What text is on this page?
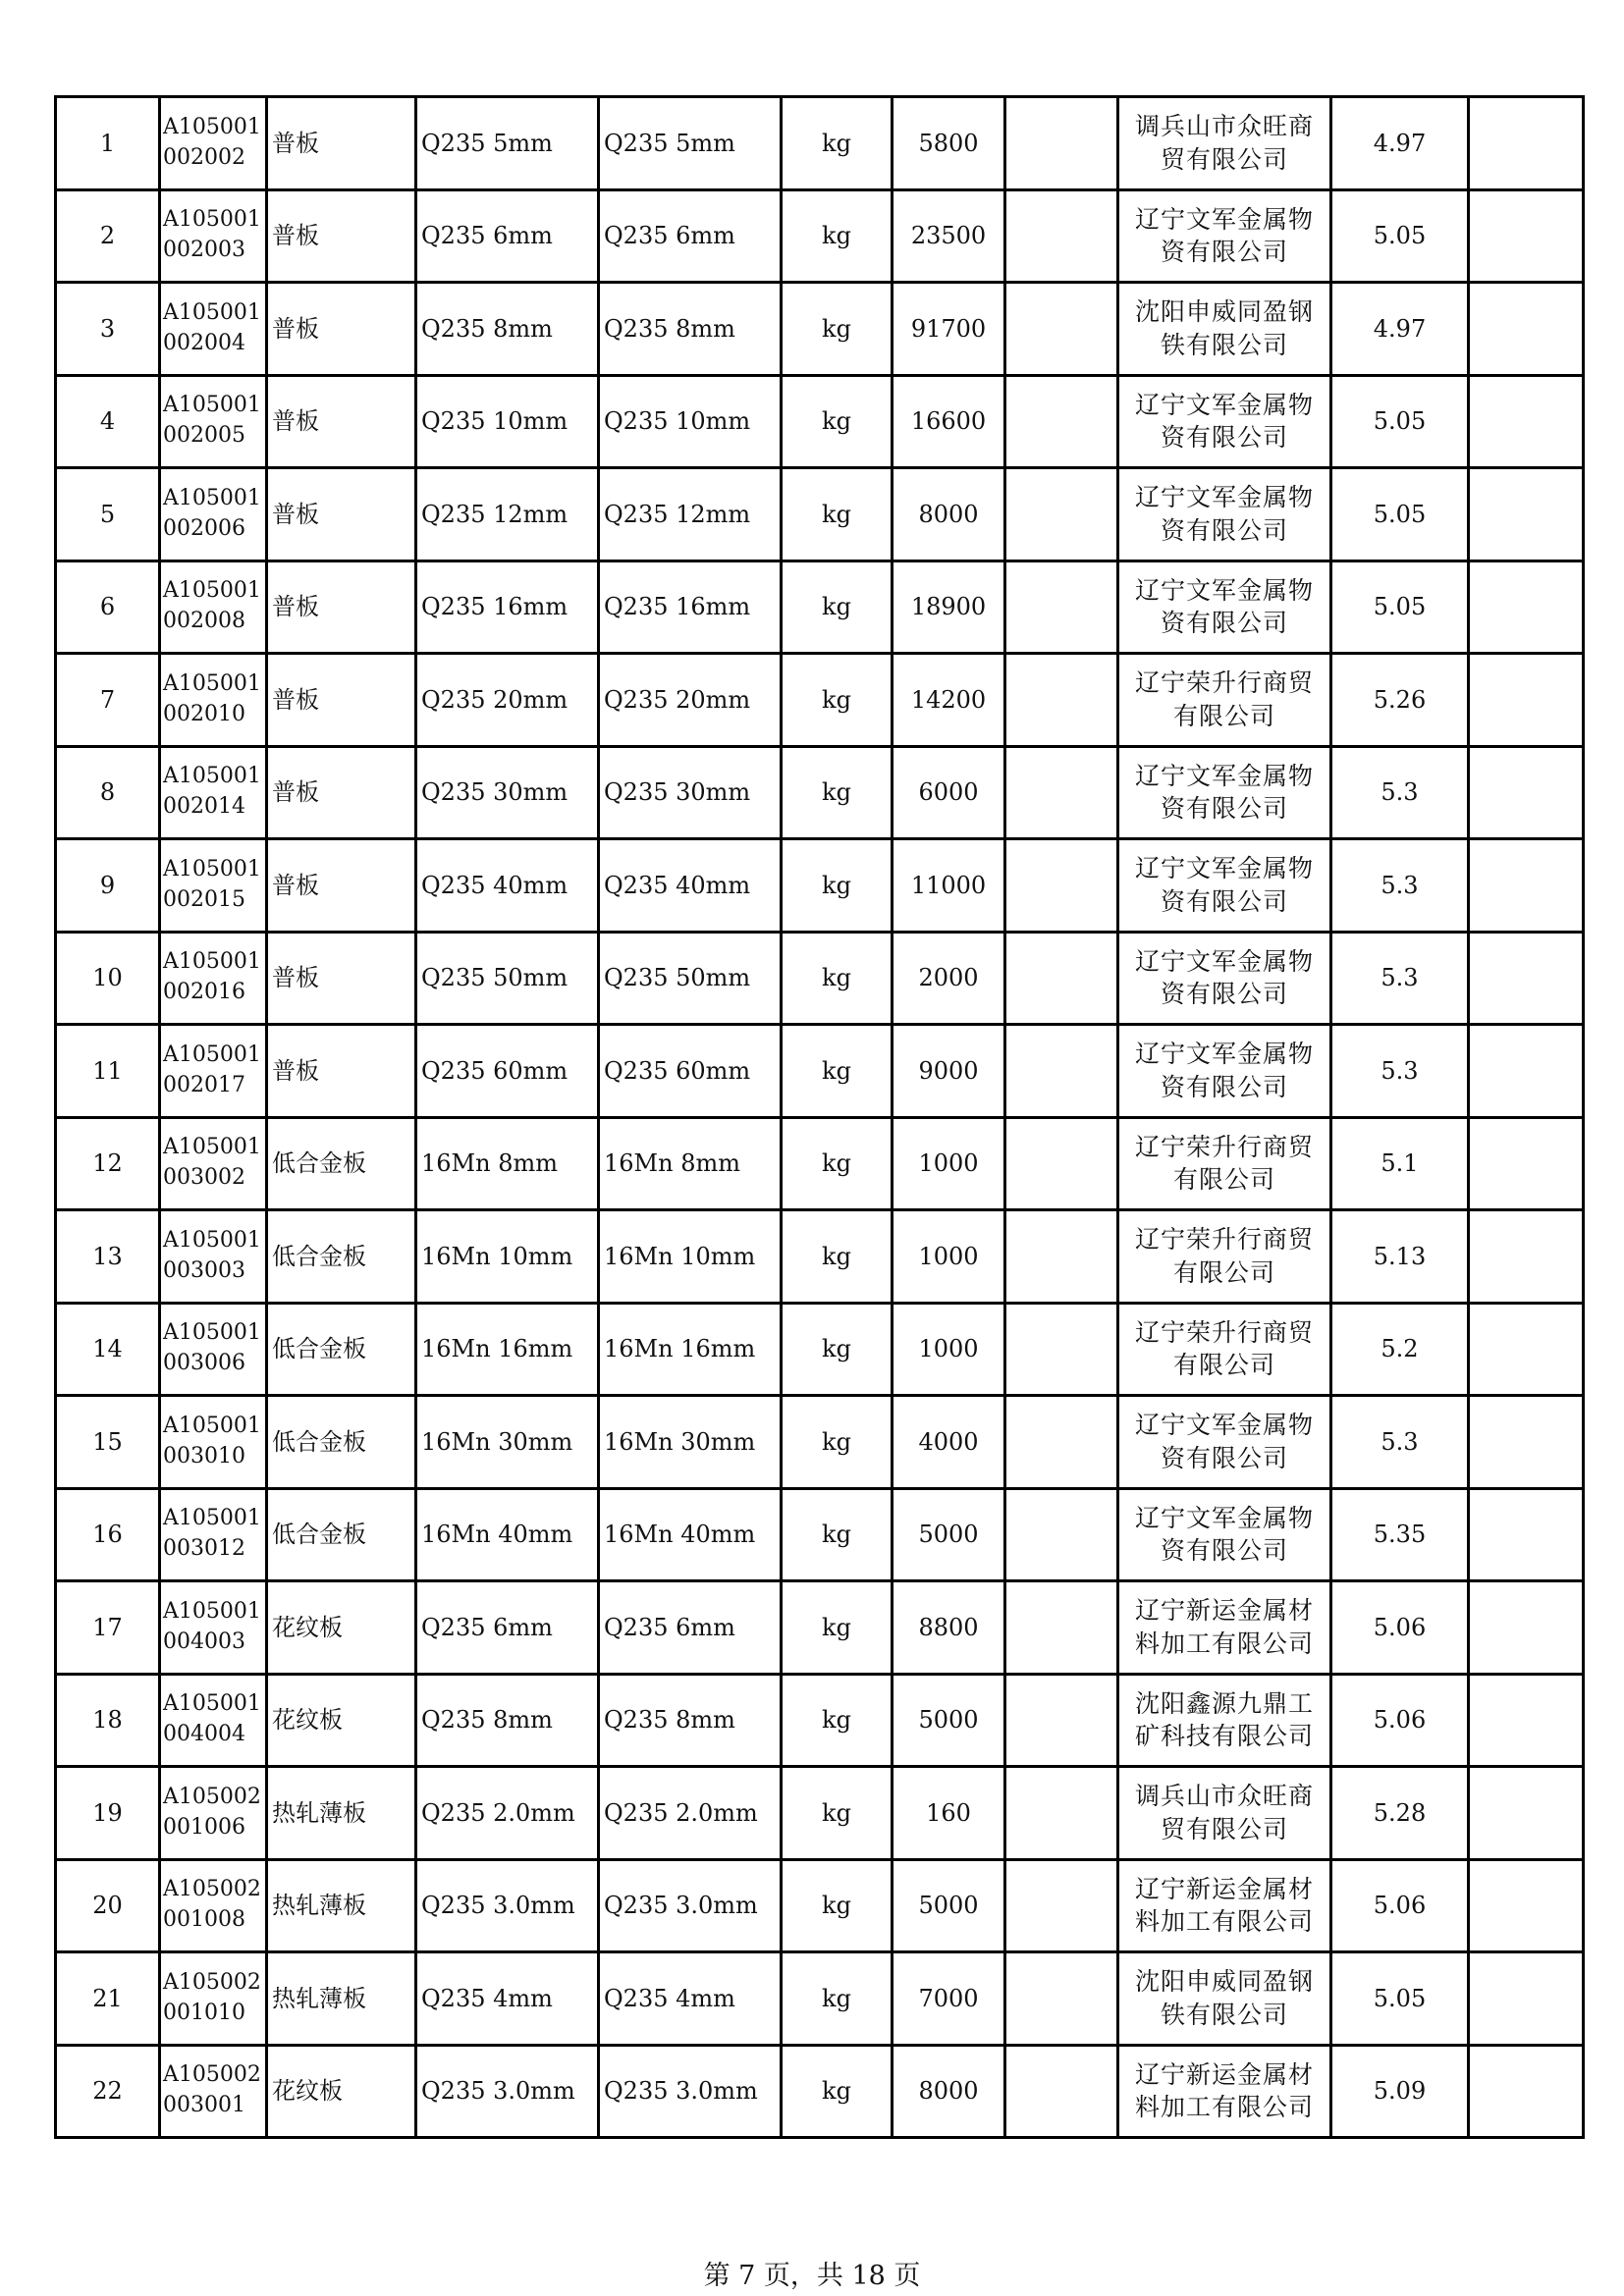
1	A105001 002002	普板	Q235 5mm	Q235 5mm	kg	5800		调兵山市众旺商贸有限公司	4.97	
2	A105001 002003	普板	Q235 6mm	Q235 6mm	kg	23500		辽宁文军金属物资有限公司	5.05	
3	A105001 002004	普板	Q235 8mm	Q235 8mm	kg	91700		沈阳申威同盈钢铁有限公司	4.97	
4	A105001 002005	普板	Q235 10mm	Q235 10mm	kg	16600		辽宁文军金属物资有限公司	5.05	
5	A105001 002006	普板	Q235 12mm	Q235 12mm	kg	8000		辽宁文军金属物资有限公司	5.05	
6	A105001 002008	普板	Q235 16mm	Q235 16mm	kg	18900		辽宁文军金属物资有限公司	5.05	
7	A105001 002010	普板	Q235 20mm	Q235 20mm	kg	14200		辽宁荣升行商贸有限公司	5.26	
8	A105001 002014	普板	Q235 30mm	Q235 30mm	kg	6000		辽宁文军金属物资有限公司	5.3	
9	A105001 002015	普板	Q235 40mm	Q235 40mm	kg	11000		辽宁文军金属物资有限公司	5.3	
10	A105001 002016	普板	Q235 50mm	Q235 50mm	kg	2000		辽宁文军金属物资有限公司	5.3	
11	A105001 002017	普板	Q235 60mm	Q235 60mm	kg	9000		辽宁文军金属物资有限公司	5.3	
12	A105001 003002	低合金板	16Mn 8mm	16Mn 8mm	kg	1000		辽宁荣升行商贸有限公司	5.1	
13	A105001 003003	低合金板	16Mn 10mm	16Mn 10mm	kg	1000		辽宁荣升行商贸有限公司	5.13	
14	A105001 003006	低合金板	16Mn 16mm	16Mn 16mm	kg	1000		辽宁荣升行商贸有限公司	5.2	
15	A105001 003010	低合金板	16Mn 30mm	16Mn 30mm	kg	4000		辽宁文军金属物资有限公司	5.3	
16	A105001 003012	低合金板	16Mn 40mm	16Mn 40mm	kg	5000		辽宁文军金属物资有限公司	5.35	
17	A105001 004003	花纹板	Q235 6mm	Q235 6mm	kg	8800		辽宁新运金属材料加工有限公司	5.06	
18	A105001 004004	花纹板	Q235 8mm	Q235 8mm	kg	5000		沈阳鑫源九鼎工矿科技有限公司	5.06	
19	A105002 001006	热轧薄板	Q235 2.0mm	Q235 2.0mm	kg	160		调兵山市众旺商贸有限公司	5.28	
20	A105002 001008	热轧薄板	Q235 3.0mm	Q235 3.0mm	kg	5000		辽宁新运金属材料加工有限公司	5.06	
21	A105002 001010	热轧薄板	Q235 4mm	Q235 4mm	kg	7000		沈阳申威同盈钢铁有限公司	5.05	
22	A105002 003001	花纹板	Q235 3.0mm	Q235 3.0mm	kg	8000		辽宁新运金属材料加工有限公司	5.09	
第 7 页，共 18 页
